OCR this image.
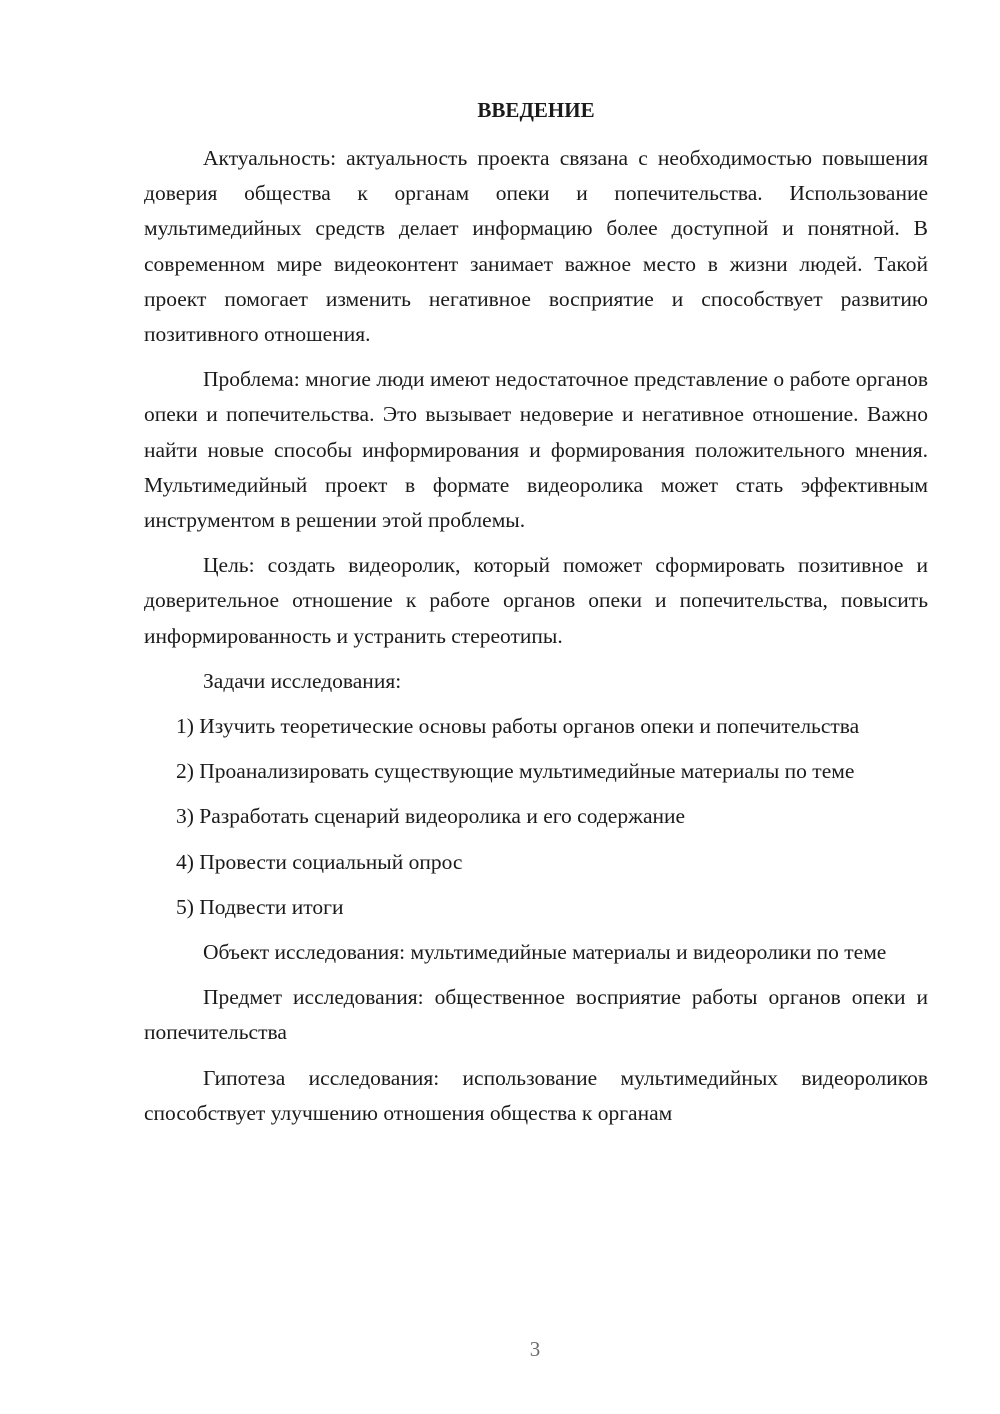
ВВЕДЕНИЕ

Актуальность: актуальность проекта связана с необходимостью повышения доверия общества к органам опеки и попечительства. Использование мультимедийных средств делает информацию более доступной и понятной. В современном мире видеоконтент занимает важное место в жизни людей. Такой проект помогает изменить негативное восприятие и способствует развитию позитивного отношения.

Проблема: многие люди имеют недостаточное представление о работе органов опеки и попечительства. Это вызывает недоверие и негативное отношение. Важно найти новые способы информирования и формирования положительного мнения. Мультимедийный проект в формате видеоролика может стать эффективным инструментом в решении этой проблемы.

Цель: создать видеоролик, который поможет сформировать позитивное и доверительное отношение к работе органов опеки и попечительства, повысить информированность и устранить стереотипы.

Задачи исследования:

1) Изучить теоретические основы работы органов опеки и попечительства

2) Проанализировать существующие мультимедийные материалы по теме

3) Разработать сценарий видеоролика и его содержание

4) Провести социальный опрос

5) Подвести итоги

Объект исследования: мультимедийные материалы и видеоролики по теме

Предмет исследования: общественное восприятие работы органов опеки и попечительства

Гипотеза исследования: использование мультимедийных видеороликов способствует улучшению отношения общества к органам

3
